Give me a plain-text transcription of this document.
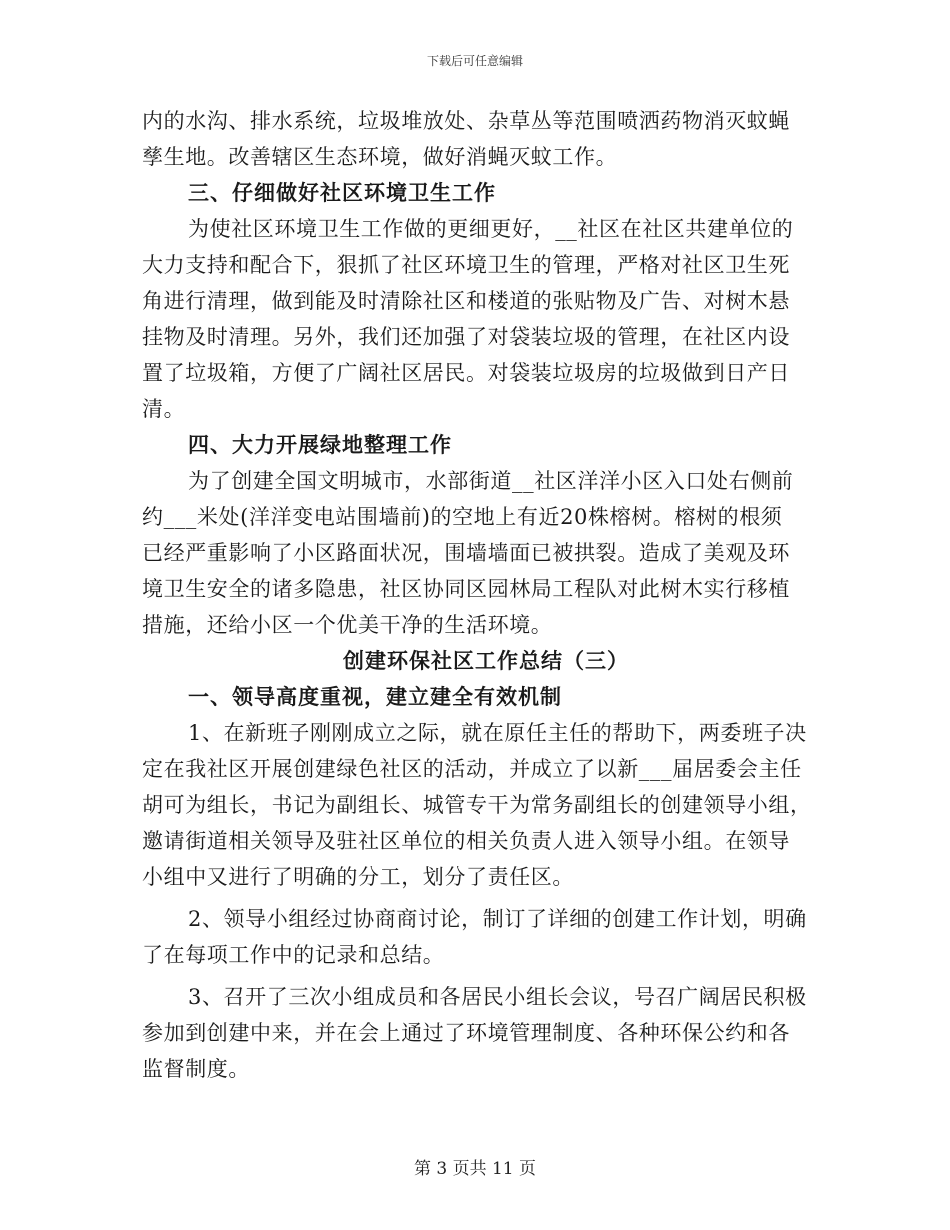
下载后可任意编辑
内的水沟、排水系统，垃圾堆放处、杂草丛等范围喷洒药物消灭蚊蝇
孳生地。改善辖区生态环境，做好消蝇灭蚊工作。
三、仔细做好社区环境卫生工作
为使社区环境卫生工作做的更细更好，__社区在社区共建单位的
大力支持和配合下，狠抓了社区环境卫生的管理，严格对社区卫生死
角进行清理，做到能及时清除社区和楼道的张贴物及广告、对树木悬
挂物及时清理。另外，我们还加强了对袋装垃圾的管理，在社区内设
置了垃圾箱，方便了广阔社区居民。对袋装垃圾房的垃圾做到日产日
清。
四、大力开展绿地整理工作
为了创建全国文明城市，水部街道__社区洋洋小区入口处右侧前
约___米处(洋洋变电站围墙前)的空地上有近20株榕树。榕树的根须
已经严重影响了小区路面状况，围墙墙面已被拱裂。造成了美观及环
境卫生安全的诸多隐患，社区协同区园林局工程队对此树木实行移植
措施，还给小区一个优美干净的生活环境。
创建环保社区工作总结（三）
一、领导高度重视，建立建全有效机制
1、在新班子刚刚成立之际，就在原任主任的帮助下，两委班子决
定在我社区开展创建绿色社区的活动，并成立了以新___届居委会主任
胡可为组长，书记为副组长、城管专干为常务副组长的创建领导小组，
邀请街道相关领导及驻社区单位的相关负责人进入领导小组。在领导
小组中又进行了明确的分工，划分了责任区。
2、领导小组经过协商商讨论，制订了详细的创建工作计划，明确
了在每项工作中的记录和总结。
3、召开了三次小组成员和各居民小组长会议，号召广阔居民积极
参加到创建中来，并在会上通过了环境管理制度、各种环保公约和各
监督制度。
第 3 页共 11 页
